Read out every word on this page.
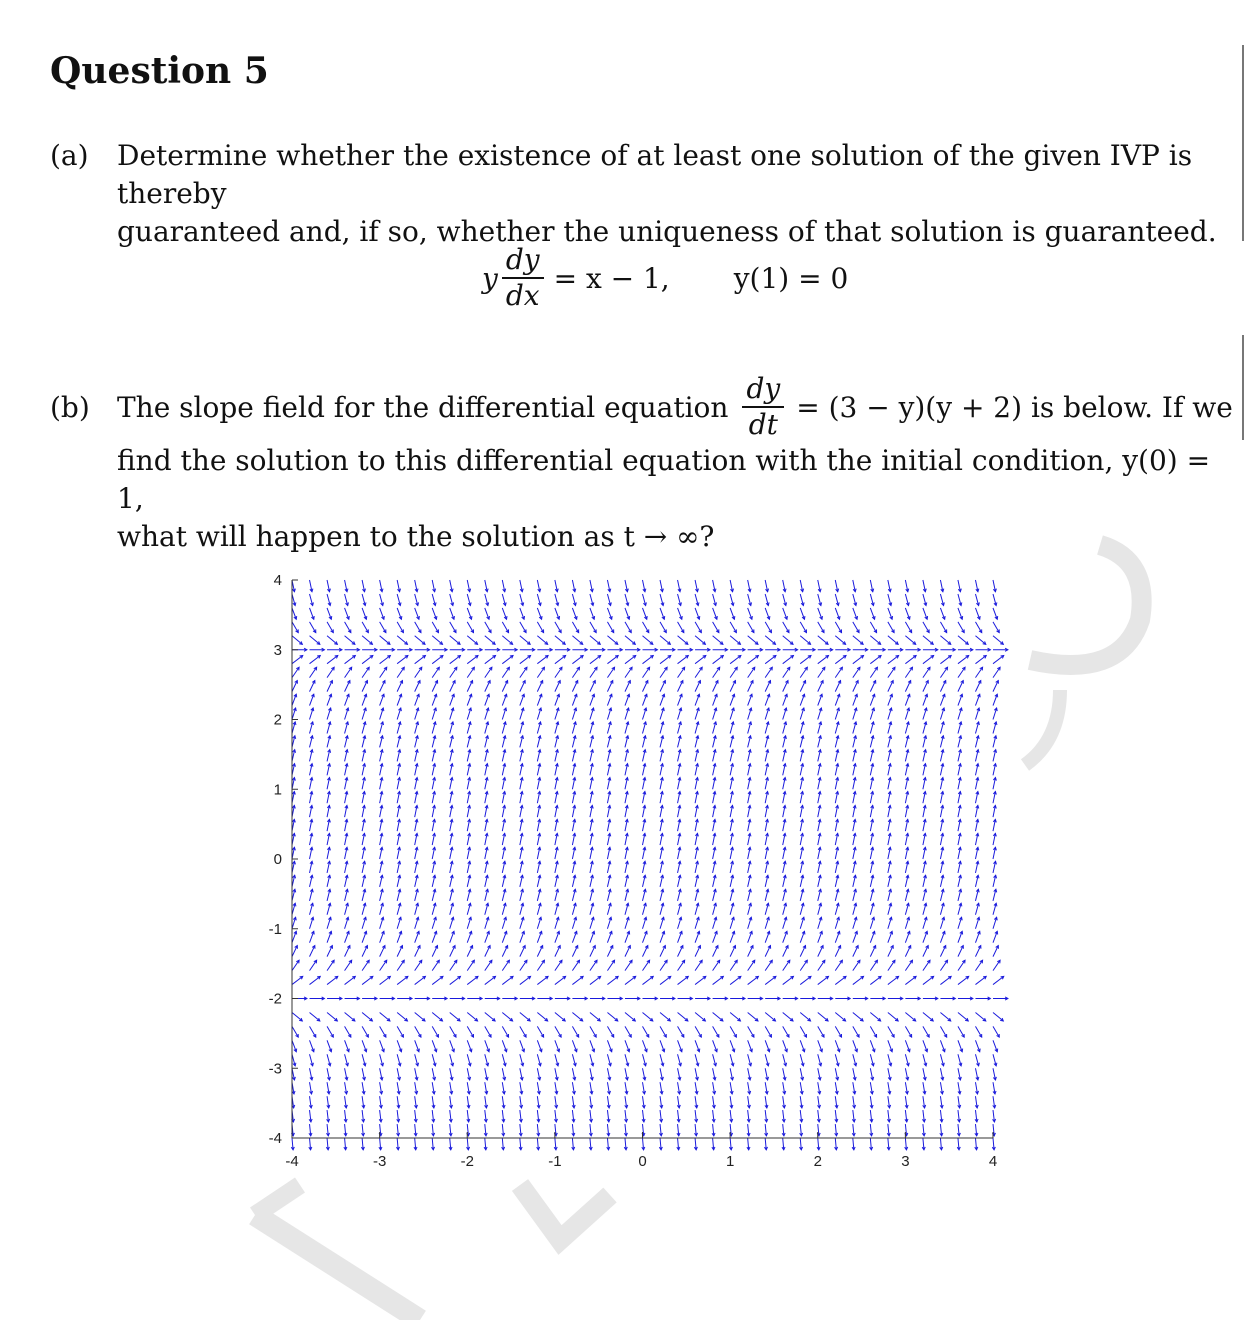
Question 5
(a) Determine whether the existence of at least one solution of the given IVP is thereby
guaranteed and, if so, whether the uniqueness of that solution is guaranteed.
y $\frac{dy}{dx} = x - 1$, y(1) = 0
(b) The slope field for the differential equation $\frac{dy}{dt} = (3 - y)(y + 2)$ is below. If we
find the solution to this differential equation with the initial condition, y(0) = 1,
what will happen to the solution as t → ∞?
-4	-3	-2	-1	0	1	2	3	4
4
3
2
1
0
-1
-2
-3
-4
